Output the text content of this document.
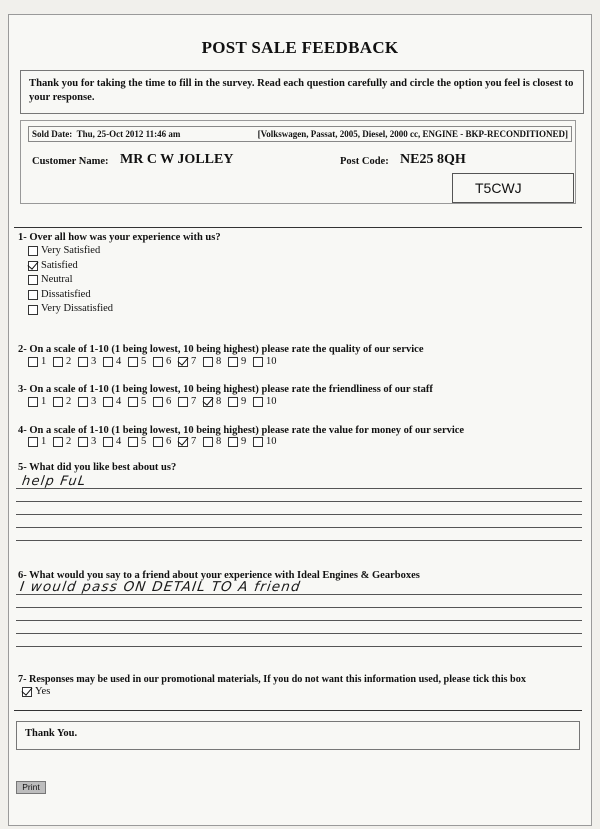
POST SALE FEEDBACK
Thank you for taking the time to fill in the survey. Read each question carefully and circle the option you feel is closest to your response.
Sold Date: Thu, 25-Oct 2012 11:46 am	[Volkswagen, Passat, 2005, Diesel, 2000 cc, ENGINE - BKP-RECONDITIONED]
Customer Name: MR C W JOLLEY	Post Code: NE25 8QH
T5CWJ
1- Over all how was your experience with us?
Very Satisfied
Satisfied
Neutral
Dissatisfied
Very Dissatisfied
2- On a scale of 1-10 (1 being lowest, 10 being highest) please rate the quality of our service
1 2 3 4 5 6 7 8 9 10
3- On a scale of 1-10 (1 being lowest, 10 being highest) please rate the friendliness of our staff
1 2 3 4 5 6 7 8 9 10
4- On a scale of 1-10 (1 being lowest, 10 being highest) please rate the value for money of our service
1 2 3 4 5 6 7 8 9 10
5- What did you like best about us?
help FuL
6- What would you say to a friend about your experience with Ideal Engines & Gearboxes
I would pass ON DETAIL TO A friend
7- Responses may be used in our promotional materials, If you do not want this information used, please tick this box
Yes
Thank You.
Print
